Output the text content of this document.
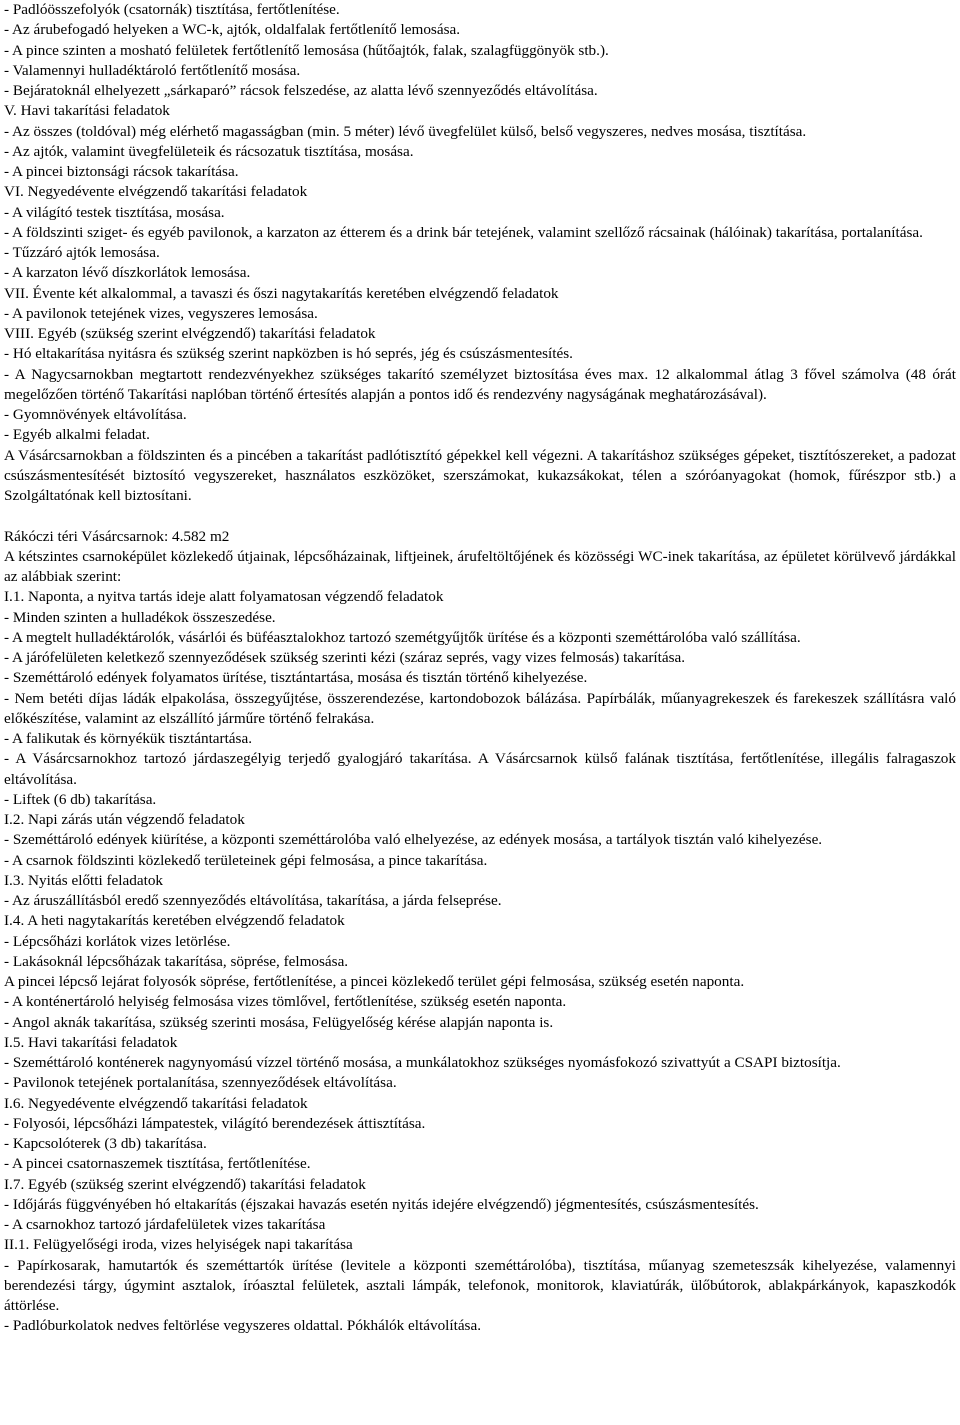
- Padlóösszefolyók (csatornák) tisztítása, fertőtlenítése.
- Az árubefogadó helyeken a WC-k, ajtók, oldalfalak fertőtlenítő lemosása.
- A pince szinten a mosható felületek fertőtlenítő lemosása (hűtőajtók, falak, szalagfüggönyök stb.).
- Valamennyi hulladéktároló fertőtlenítő mosása.
- Bejáratoknál elhelyezett „sárkaparó” rácsok felszedése, az alatta lévő szennyeződés eltávolítása.
V. Havi takarítási feladatok
- Az összes (toldóval) még elérhető magasságban (min. 5 méter) lévő üvegfelület külső, belső vegyszeres, nedves mosása, tisztítása.
- Az ajtók, valamint üvegfelületeik és rácsozatuk tisztítása, mosása.
- A pincei biztonsági rácsok takarítása.
VI. Negyedévente elvégzendő takarítási feladatok
- A világító testek tisztítása, mosása.
- A földszinti sziget- és egyéb pavilonok, a karzaton az étterem és a drink bár tetejének, valamint szellőző rácsainak (hálóinak) takarítása, portalanítása.
- Tűzzáró ajtók lemosása.
- A karzaton lévő díszkorlátok lemosása.
VII. Évente két alkalommal, a tavaszi és őszi nagytakarítás keretében elvégzendő feladatok
- A pavilonok tetejének vizes, vegyszeres lemosása.
VIII. Egyéb (szükség szerint elvégzendő) takarítási feladatok
- Hó eltakarítása nyitásra és szükség szerint napközben is hó seprés, jég és csúszásmentesítés.
- A Nagycsarnokban megtartott rendezvényekhez szükséges takarító személyzet biztosítása éves max. 12 alkalommal átlag 3 fővel számolva (48 órát megelőzően történő Takarítási naplóban történő értesítés alapján a pontos idő és rendezvény nagyságának meghatározásával).
- Gyomnövények eltávolítása.
- Egyéb alkalmi feladat.
A Vásárcsarnokban a földszinten és a pincében a takarítást padlótisztító gépekkel kell végezni. A takarításhoz szükséges gépeket, tisztítószereket, a padozat csúszásmentesítését biztosító vegyszereket, használatos eszközöket, szerszámokat, kukazsákokat, télen a szóróanyagokat (homok, fűrészpor stb.) a Szolgáltatónak kell biztosítani.
Rákóczi téri Vásárcsarnok: 4.582 m2
A kétszintes csarnoképület közlekedő útjainak, lépcsőházainak, liftjeinek, árufeltöltőjének és közösségi WC-inek takarítása, az épületet körülvevő járdákkal az alábbiak szerint:
I.1. Naponta, a nyitva tartás ideje alatt folyamatosan végzendő feladatok
- Minden szinten a hulladékok összeszedése.
- A megtelt hulladéktárolók, vásárlói és büféasztalokhoz tartozó szemétgyűjtők ürítése és a központi szeméttárolóba való szállítása.
- A járófelületen keletkező szennyeződések szükség szerinti kézi (száraz seprés, vagy vizes felmosás) takarítása.
- Szeméttároló edények folyamatos ürítése, tisztántartása, mosása és tisztán történő kihelyezése.
- Nem betéti díjas ládák elpakolása, összegyűjtése, összerendezése, kartondobozok bálázása. Papírbálák, műanyagrekeszek és farekeszek szállításra való előkészítése, valamint az elszállító járműre történő felrakása.
- A falikutak és környékük tisztántartása.
- A Vásárcsarnokhoz tartozó járdaszegélyig terjedő gyalogjáró takarítása. A Vásárcsarnok külső falának tisztítása, fertőtlenítése, illegális falragaszok eltávolítása.
- Liftek (6 db) takarítása.
I.2. Napi zárás után végzendő feladatok
- Szeméttároló edények kiürítése, a központi szeméttárolóba való elhelyezése, az edények mosása, a tartályok tisztán való kihelyezése.
- A csarnok földszinti közlekedő területeinek gépi felmosása, a pince takarítása.
I.3. Nyitás előtti feladatok
- Az áruszállításból eredő szennyeződés eltávolítása, takarítása, a járda felseprése.
I.4. A heti nagytakarítás keretében elvégzendő feladatok
- Lépcsőházi korlátok vizes letörlése.
- Lakásoknál lépcsőházak takarítása, söprése, felmosása.
A pincei lépcső lejárat folyosók söprése, fertőtlenítése, a pincei közlekedő terület gépi felmosása, szükség esetén naponta.
- A konténertároló helyiség felmosása vizes tömlővel, fertőtlenítése, szükség esetén naponta.
- Angol aknák takarítása, szükség szerinti mosása, Felügyelőség kérése alapján naponta is.
I.5. Havi takarítási feladatok
- Szeméttároló konténerek nagynyomású vízzel történő mosása, a munkálatokhoz szükséges nyomásfokozó szivattyút a CSAPI biztosítja.
- Pavilonok tetejének portalanítása, szennyeződések eltávolítása.
I.6. Negyedévente elvégzendő takarítási feladatok
- Folyosói, lépcsőházi lámpatestek, világító berendezések áttisztítása.
- Kapcsolóterek (3 db) takarítása.
- A pincei csatornaszemek tisztítása, fertőtlenítése.
I.7. Egyéb (szükség szerint elvégzendő) takarítási feladatok
- Időjárás függvényében hó eltakarítás (éjszakai havazás esetén nyitás idejére elvégzendő) jégmentesítés, csúszásmentesítés.
- A csarnokhoz tartozó járdafelületek vizes takarítása
II.1. Felügyelőségi iroda, vizes helyiségek napi takarítása
- Papírkosarak, hamutartók és szeméttartók ürítése (levitele a központi szeméttárolóba), tisztítása, műanyag szemeteszsák kihelyezése, valamennyi berendezési tárgy, úgymint asztalok, íróasztal felületek, asztali lámpák, telefonok, monitorok, klaviatúrák, ülőbútorok, ablakpárkányok, kapaszkodók áttörlése.
- Padlóburkolatok nedves feltörlése vegyszeres oldattal. Pókhálók eltávolítása.
